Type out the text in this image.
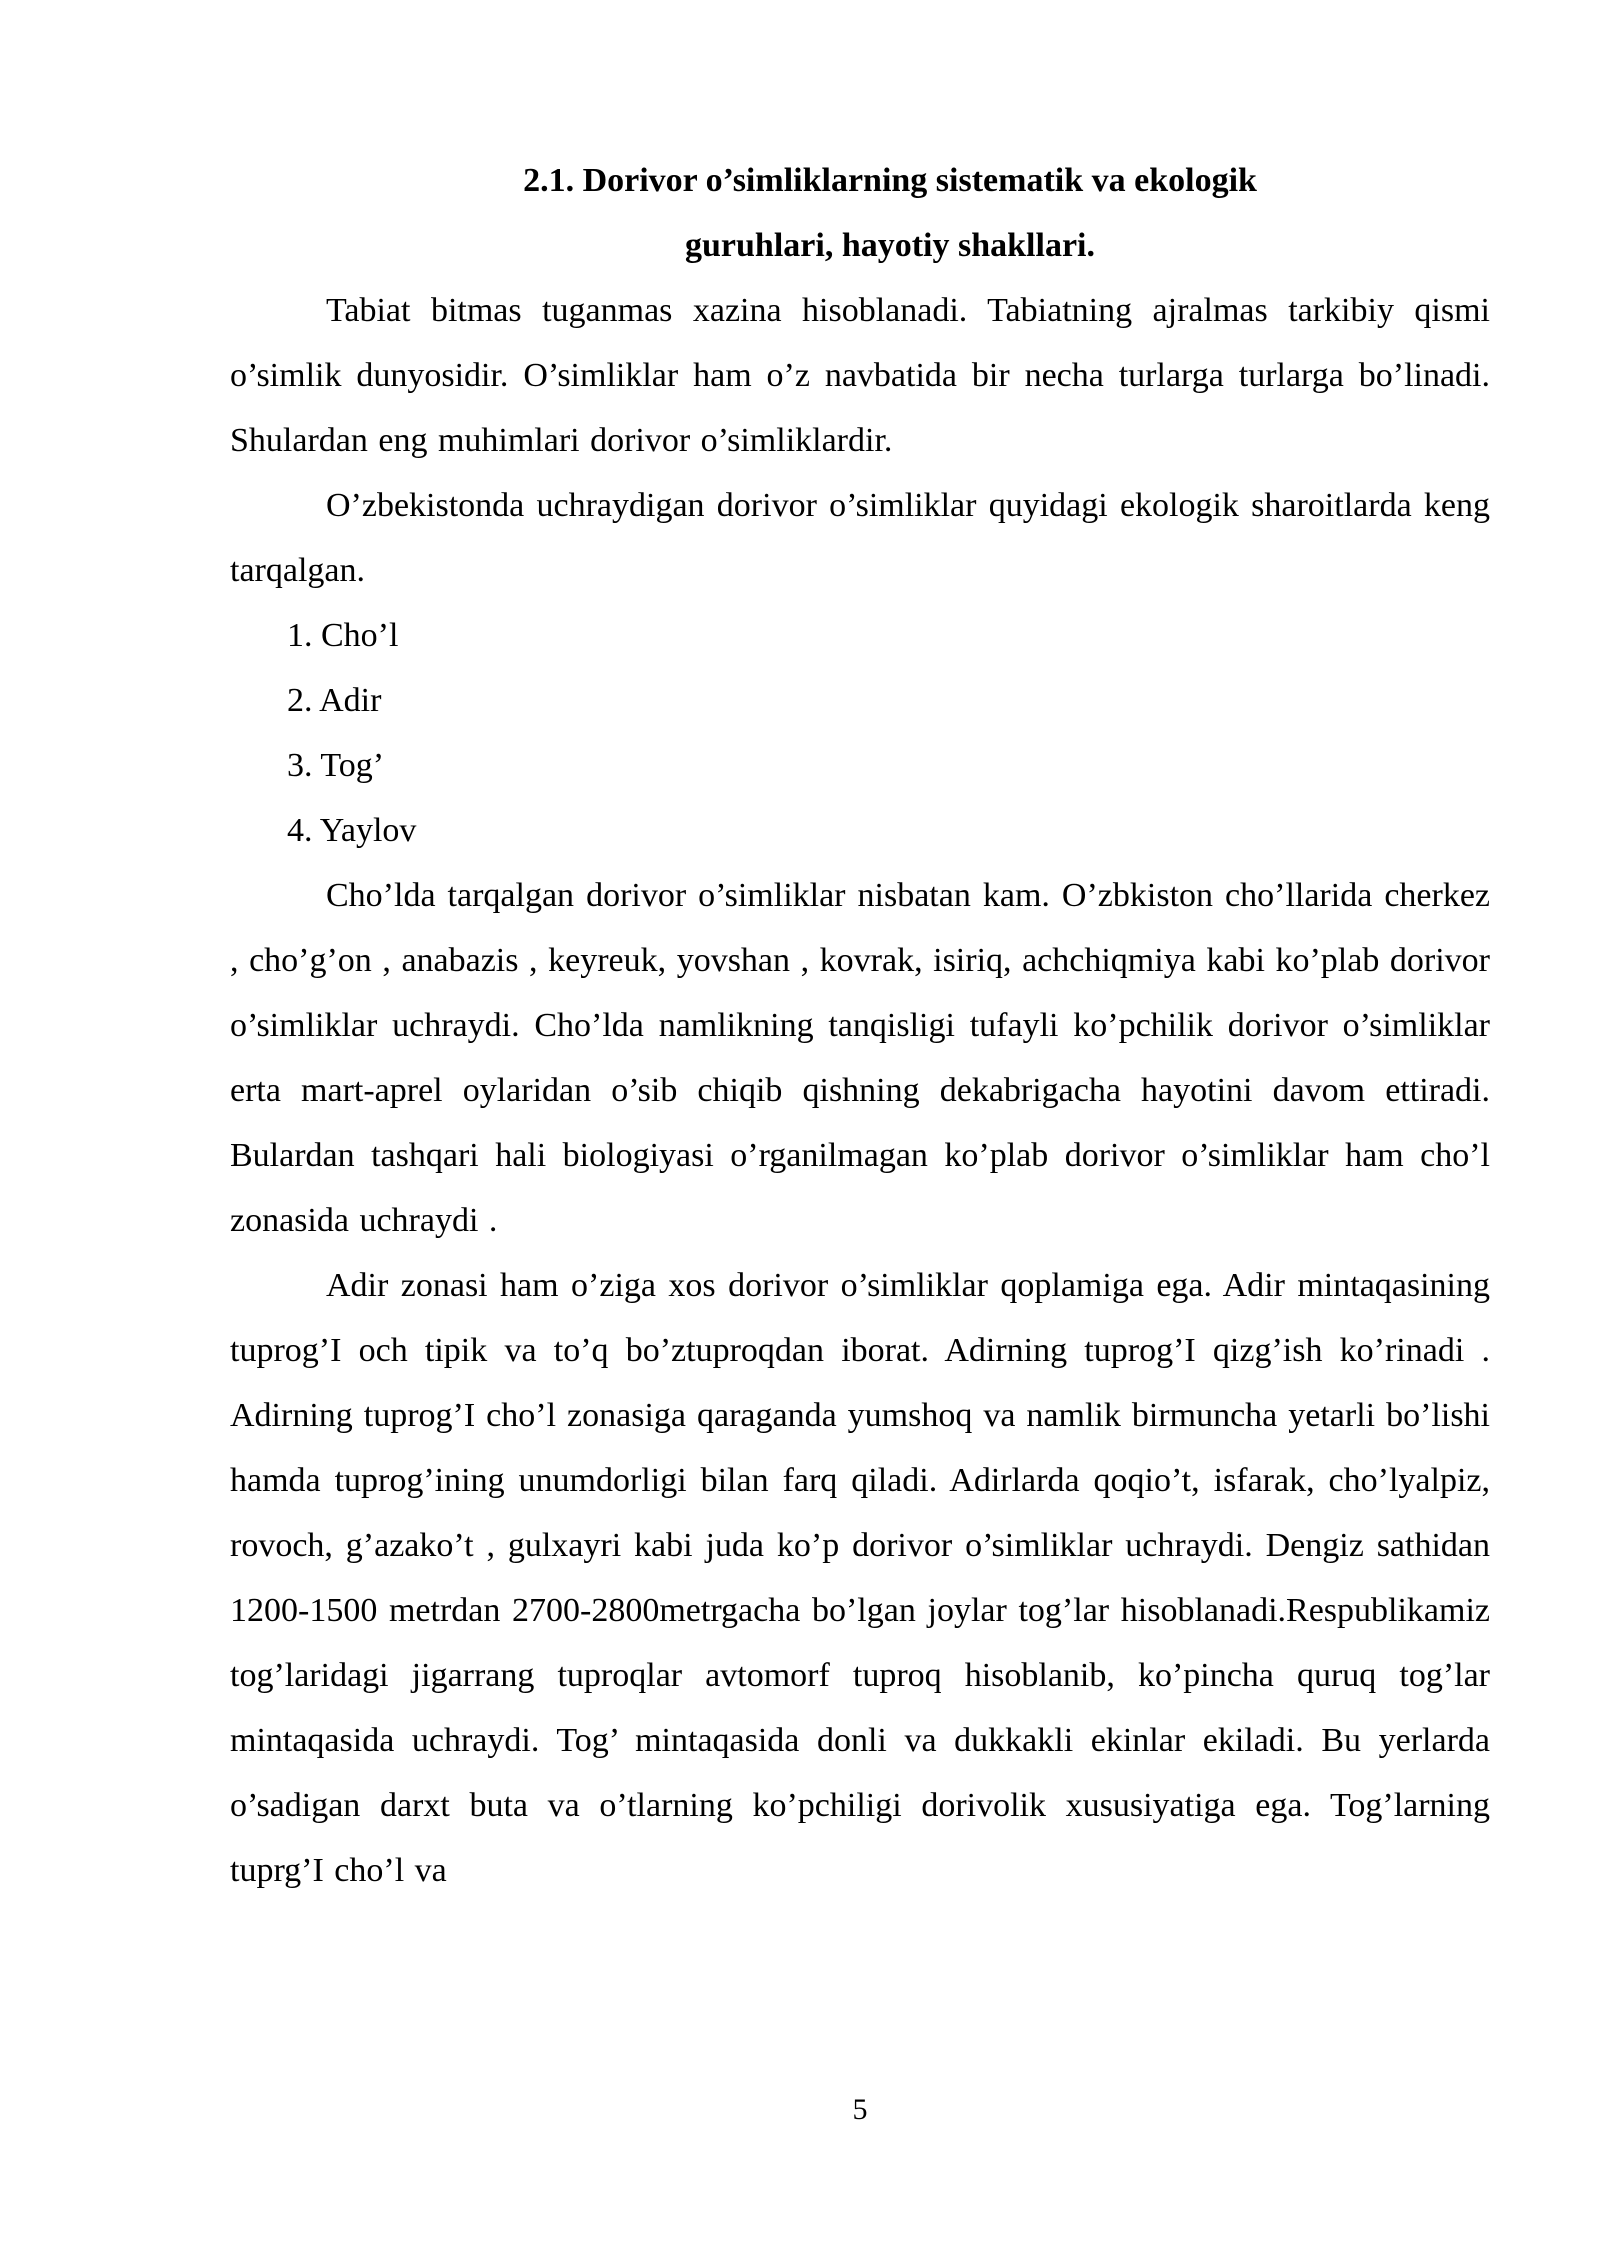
2.1. Dorivor o’simliklarning sistematik va ekologik

guruhlari, hayotiy shakllari.

Tabiat bitmas tuganmas xazina hisoblanadi. Tabiatning ajralmas tarkibiy qismi o’simlik dunyosidir. O’simliklar ham o’z navbatida bir necha turlarga turlarga bo’linadi. Shulardan eng muhimlari dorivor o’simliklardir.

O’zbekistonda uchraydigan dorivor o’simliklar quyidagi ekologik sharoitlarda keng tarqalgan.

1. Cho’l
2. Adir
3. Tog’
4. Yaylov

Cho’lda tarqalgan dorivor o’simliklar nisbatan kam. O’zbkiston cho’llarida cherkez , cho’g’on , anabazis , keyreuk, yovshan , kovrak, isiriq, achchiqmiya kabi ko’plab dorivor o’simliklar uchraydi. Cho’lda namlikning tanqisligi tufayli ko’pchilik dorivor o’simliklar erta mart-aprel oylaridan o’sib chiqib qishning dekabrigacha hayotini davom ettiradi. Bulardan tashqari hali biologiyasi o’rganilmagan ko’plab dorivor o’simliklar ham cho’l zonasida uchraydi .

Adir zonasi ham o’ziga xos dorivor o’simliklar qoplamiga ega. Adir mintaqasining tuprog’I och tipik va to’q bo’ztuproqdan iborat. Adirning tuprog’I qizg’ish ko’rinadi . Adirning tuprog’I cho’l zonasiga qaraganda yumshoq va namlik birmuncha yetarli bo’lishi hamda tuprog’ining unumdorligi bilan farq qiladi. Adirlarda qoqio’t, isfarak, cho’lyalpiz, rovoch, g’azako’t , gulxayri kabi juda ko’p dorivor o’simliklar uchraydi. Dengiz sathidan 1200-1500 metrdan 2700-2800metrgacha bo’lgan joylar tog’lar hisoblanadi.Respublikamiz tog’laridagi jigarrang tuproqlar avtomorf tuproq hisoblanib, ko’pincha quruq tog’lar mintaqasida uchraydi. Tog’ mintaqasida donli va dukkakli ekinlar ekiladi. Bu yerlarda o’sadigan darxt buta va o’tlarning ko’pchiligi dorivolik xususiyatiga ega. Tog’larning tuprg’I cho’l va

5
